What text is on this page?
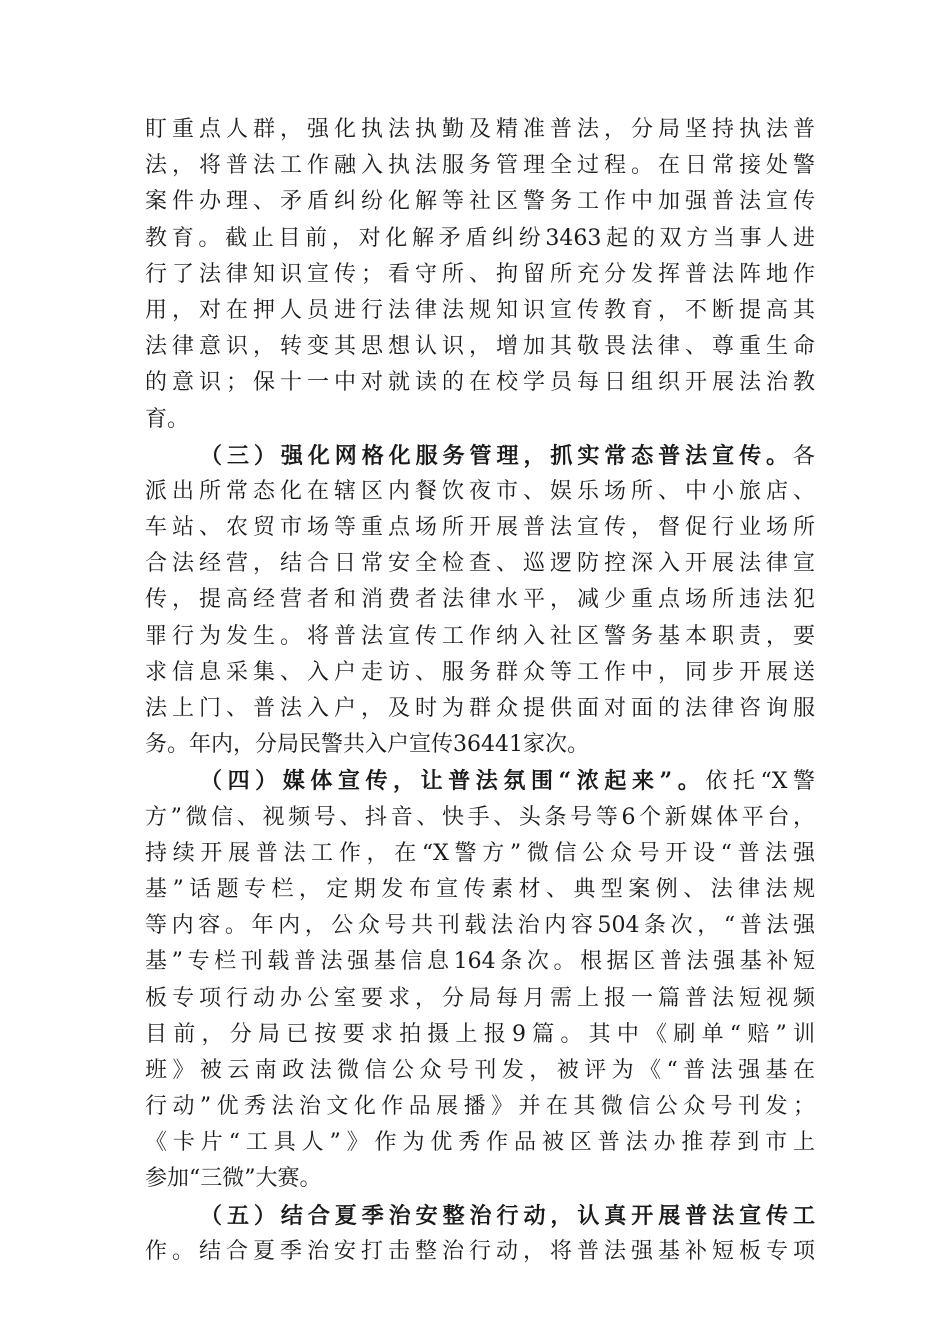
盯重点人群，强化执法执勤及精准普法，分局坚持执法普
法，将普法工作融入执法服务管理全过程。在日常接处警
案件办理、矛盾纠纷化解等社区警务工作中加强普法宣传
教育。截止目前，对化解矛盾纠纷3463起的双方当事人进
行了法律知识宣传；看守所、拘留所充分发挥普法阵地作
用，对在押人员进行法律法规知识宣传教育，不断提高其
法律意识，转变其思想认识，增加其敬畏法律、尊重生命
的意识；保十一中对就读的在校学员每日组织开展法治教
育。
（三）强化网格化服务管理，抓实常态普法宣传。各
派出所常态化在辖区内餐饮夜市、娱乐场所、中小旅店、
车站、农贸市场等重点场所开展普法宣传，督促行业场所
合法经营，结合日常安全检查、巡逻防控深入开展法律宣
传，提高经营者和消费者法律水平，减少重点场所违法犯
罪行为发生。将普法宣传工作纳入社区警务基本职责，要
求信息采集、入户走访、服务群众等工作中，同步开展送
法上门、普法入户，及时为群众提供面对面的法律咨询服
务。年内，分局民警共入户宣传36441家次。
（四）媒体宣传，让普法氛围“浓起来”。依托“X警
方”微信、视频号、抖音、快手、头条号等6个新媒体平台，
持续开展普法工作，在“X警方”微信公众号开设“普法强
基”话题专栏，定期发布宣传素材、典型案例、法律法规
等内容。年内，公众号共刊载法治内容504条次，“普法强
基”专栏刊载普法强基信息164条次。根据区普法强基补短
板专项行动办公室要求，分局每月需上报一篇普法短视频
目前，分局已按要求拍摄上报9篇。其中《刷单“赔”训
班》被云南政法微信公众号刊发，被评为《“普法强基在
行动”优秀法治文化作品展播》并在其微信公众号刊发；
《卡片“工具人”》作为优秀作品被区普法办推荐到市上
参加“三微”大赛。
（五）结合夏季治安整治行动，认真开展普法宣传工
作。结合夏季治安打击整治行动，将普法强基补短板专项
